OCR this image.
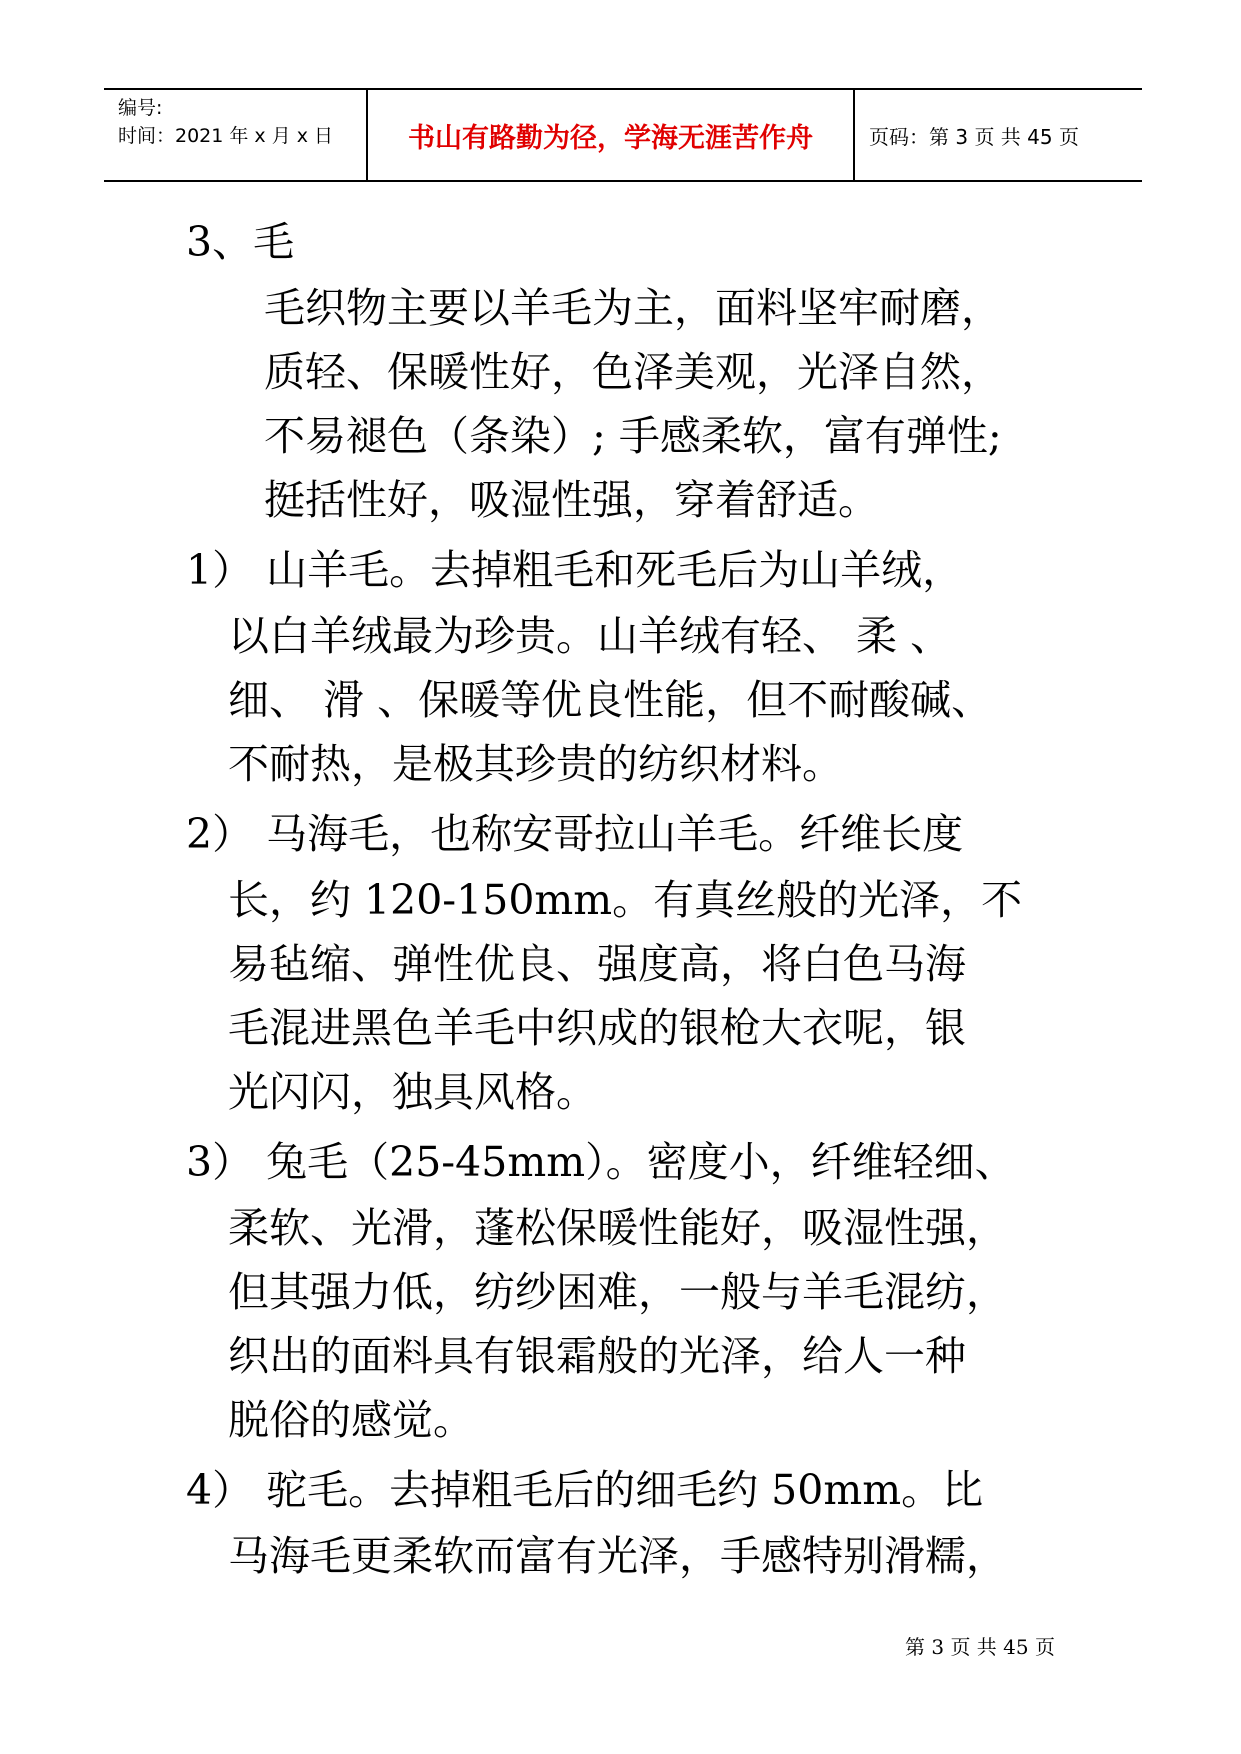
编号:
时间：2021 年 x 月 x 日	书山有路勤为径，学海无涯苦作舟	页码：第 3 页 共 45 页
3、毛
毛织物主要以羊毛为主，面料坚牢耐磨，
质轻、保暖性好，色泽美观，光泽自然，
不易褪色（条染）; 手感柔软，富有弹性;
挺括性好，吸湿性强，穿着舒适。
1） 山羊毛。去掉粗毛和死毛后为山羊绒，
以白羊绒最为珍贵。山羊绒有轻、 柔 、
细、 滑 、保暖等优良性能，但不耐酸碱、
不耐热，是极其珍贵的纺织材料。
2） 马海毛，也称安哥拉山羊毛。纤维长度
长，约 120-150mm。有真丝般的光泽，不
易毡缩、弹性优良、强度高，将白色马海
毛混进黑色羊毛中织成的银枪大衣呢，银
光闪闪，独具风格。
3） 兔毛（25-45mm）。密度小，纤维轻细、
柔软、光滑，蓬松保暖性能好，吸湿性强，
但其强力低，纺纱困难，一般与羊毛混纺，
织出的面料具有银霜般的光泽，给人一种
脱俗的感觉。
4） 驼毛。去掉粗毛后的细毛约 50mm。比
马海毛更柔软而富有光泽，手感特别滑糯，
第 3 页 共 45 页
